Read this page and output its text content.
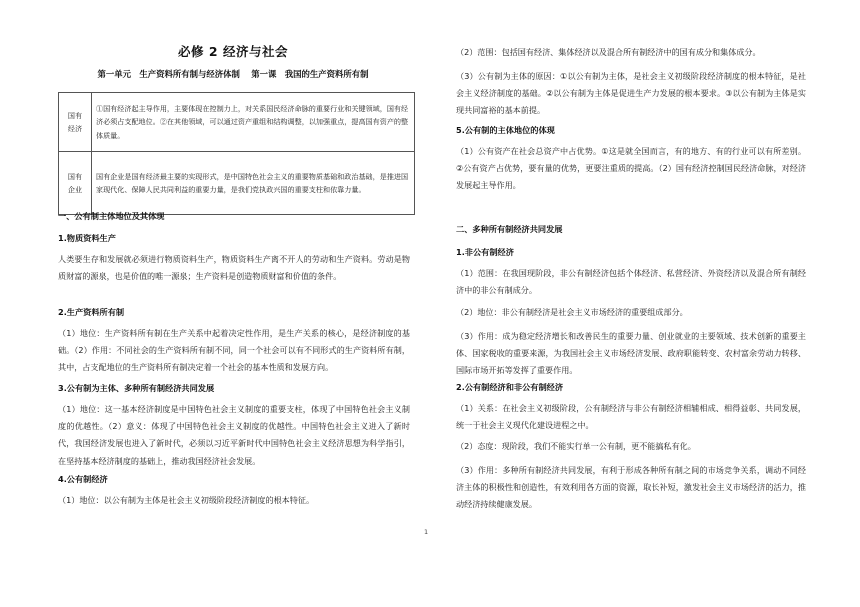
必修 2 经济与社会
第一单元　生产资料所有制与经济体制　 第一课　我国的生产资料所有制
国有
经济	①国有经济起主导作用，主要体现在控制力上，对关系国民经济命脉的重要行业和关键领域，国有经济必须占支配地位。②在其他领域，可以通过资产重组和结构调整，以加强重点，提高国有资产的整体质量。
国有
企业	国有企业是国有经济最主要的实现形式，是中国特色社会主义的重要物质基础和政治基础，是推进国家现代化、保障人民共同利益的重要力量，是我们党执政兴国的重要支柱和依靠力量。
一、公有制主体地位及其体现
1.物质资料生产
人类要生存和发展就必须进行物质资料生产，物质资料生产离不开人的劳动和生产资料。劳动是物质财富的源泉，也是价值的唯一源泉；生产资料是创造物质财富和价值的条件。
2.生产资料所有制
（1）地位：生产资料所有制在生产关系中起着决定性作用，是生产关系的核心，是经济制度的基础。（2）作用：不同社会的生产资料所有制不同，同一个社会可以有不同形式的生产资料所有制，其中，占支配地位的生产资料所有制决定着一个社会的基本性质和发展方向。
3.公有制为主体、多种所有制经济共同发展
（1）地位：这一基本经济制度是中国特色社会主义制度的重要支柱，体现了中国特色社会主义制度的优越性。（2）意义：体现了中国特色社会主义制度的优越性。中国特色社会主义进入了新时代，我国经济发展也进入了新时代，必须以习近平新时代中国特色社会主义经济思想为科学指引，在坚持基本经济制度的基础上，推动我国经济社会发展。
4.公有制经济
（1）地位：以公有制为主体是社会主义初级阶段经济制度的根本特征。
（2）范围：包括国有经济、集体经济以及混合所有制经济中的国有成分和集体成分。
（3）公有制为主体的原因：①以公有制为主体，是社会主义初级阶段经济制度的根本特征，是社会主义经济制度的基础。②以公有制为主体是促进生产力发展的根本要求。③以公有制为主体是实现共同富裕的基本前提。
5.公有制的主体地位的体现
（1）公有资产在社会总资产中占优势。①这是就全国而言，有的地方、有的行业可以有所差别。②公有资产占优势，要有量的优势，更要注重质的提高。（2）国有经济控制国民经济命脉，对经济发展起主导作用。
二、多种所有制经济共同发展
1.非公有制经济
（1）范围：在我国现阶段，非公有制经济包括个体经济、私营经济、外资经济以及混合所有制经济中的非公有制成分。
（2）地位：非公有制经济是社会主义市场经济的重要组成部分。
（3）作用：成为稳定经济增长和改善民生的重要力量、创业就业的主要领域、技术创新的重要主体、国家税收的重要来源，为我国社会主义市场经济发展、政府职能转变、农村富余劳动力转移、国际市场开拓等发挥了重要作用。
2.公有制经济和非公有制经济
（1）关系：在社会主义初级阶段，公有制经济与非公有制经济相辅相成、相得益彰、共同发展，统一于社会主义现代化建设进程之中。
（2）态度：现阶段，我们不能实行单一公有制，更不能搞私有化。
（3）作用：多种所有制经济共同发展，有利于形成各种所有制之间的市场竞争关系，调动不同经济主体的积极性和创造性，有效利用各方面的资源，取长补短，激发社会主义市场经济的活力，推动经济持续健康发展。
1
